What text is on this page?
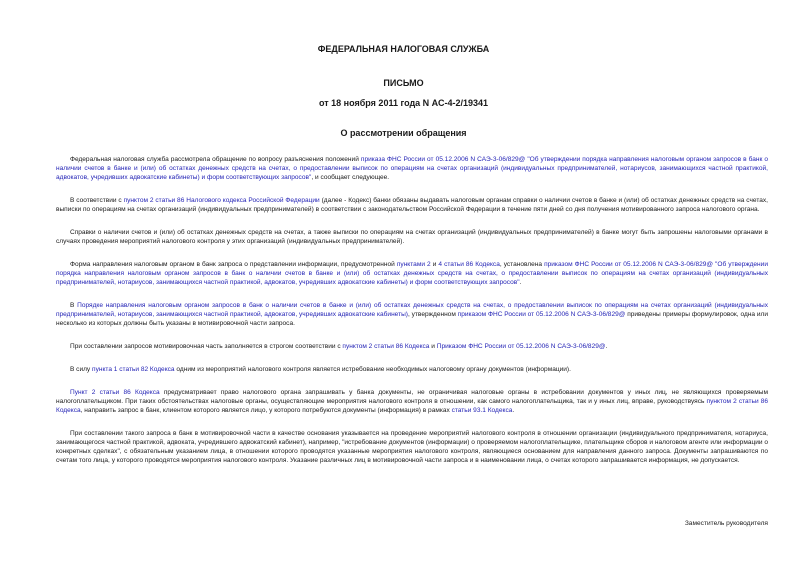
ФЕДЕРАЛЬНАЯ НАЛОГОВАЯ СЛУЖБА
ПИСЬМО
от 18 ноября 2011 года N АС-4-2/19341
О рассмотрении обращения

Федеральная налоговая служба рассмотрела обращение по вопросу разъяснения положений приказа ФНС России от 05.12.2006 N САЭ-3-06/829@ "Об утверждении порядка направления налоговым органом запросов в банк о наличии счетов в банке и (или) об остатках денежных средств на счетах, о предоставлении выписок по операциям на счетах организаций (индивидуальных предпринимателей, нотариусов, занимающихся частной практикой, адвокатов, учредивших адвокатские кабинеты) и форм соответствующих запросов", и сообщает следующее.

В соответствии с пунктом 2 статьи 86 Налогового кодекса Российской Федерации (далее - Кодекс) банки обязаны выдавать налоговым органам справки о наличии счетов в банке и (или) об остатках денежных средств на счетах, выписки по операциям на счетах организаций (индивидуальных предпринимателей) в соответствии с законодательством Российской Федерации в течение пяти дней со дня получения мотивированного запроса налогового органа.

Справки о наличии счетов и (или) об остатках денежных средств на счетах, а также выписки по операциям на счетах организаций (индивидуальных предпринимателей) в банке могут быть запрошены налоговыми органами в случаях проведения мероприятий налогового контроля у этих организаций (индивидуальных предпринимателей).

Форма направления налоговым органом в банк запроса о представлении информации, предусмотренной пунктами 2 и 4 статьи 86 Кодекса, установлена приказом ФНС России от 05.12.2006 N САЭ-3-06/829@ "Об утверждении порядка направления налоговым органом запросов в банк о наличии счетов в банке и (или) об остатках денежных средств на счетах, о предоставлении выписок по операциям на счетах организаций (индивидуальных предпринимателей, нотариусов, занимающихся частной практикой, адвокатов, учредивших адвокатские кабинеты) и форм соответствующих запросов".

В Порядке направления налоговым органом запросов в банк о наличии счетов в банке и (или) об остатках денежных средств на счетах, о предоставлении выписок по операциям на счетах организаций (индивидуальных предпринимателей, нотариусов, занимающихся частной практикой, адвокатов, учредивших адвокатские кабинеты), утвержденном приказом ФНС России от 05.12.2006 N САЭ-3-06/829@ приведены примеры формулировок, одна или несколько из которых должны быть указаны в мотивировочной части запроса.

При составлении запросов мотивировочная часть заполняется в строгом соответствии с пунктом 2 статьи 86 Кодекса и Приказом ФНС России от 05.12.2006 N САЭ-3-06/829@.

В силу пункта 1 статьи 82 Кодекса одним из мероприятий налогового контроля является истребование необходимых налоговому органу документов (информации).

Пункт 2 статьи 86 Кодекса предусматривает право налогового органа запрашивать у банка документы, не ограничивая налоговые органы в истребовании документов у иных лиц, не являющихся проверяемым налогоплательщиком. При таких обстоятельствах налоговые органы, осуществляющие мероприятия налогового контроля в отношении, как самого налогоплательщика, так и у иных лиц, вправе, руководствуясь пунктом 2 статьи 86 Кодекса, направить запрос в банк, клиентом которого является лицо, у которого потребуются документы (информация) в рамках статьи 93.1 Кодекса.

При составлении такого запроса в банк в мотивировочной части в качестве основания указывается на проведение мероприятий налогового контроля в отношении организации (индивидуального предпринимателя, нотариуса, занимающегося частной практикой, адвоката, учредившего адвокатский кабинет), например, "истребование документов (информации) о проверяемом налогоплательщике, плательщике сборов и налоговом агенте или информации о конкретных сделках", с обязательным указанием лица, в отношении которого проводятся указанные мероприятия налогового контроля, являющиеся основанием для направления данного запроса. Документы запрашиваются по счетам того лица, у которого проводятся мероприятия налогового контроля. Указание различных лиц в мотивировочной части запроса и в наименовании лица, о счетах которого запрашивается информация, не допускается.

Заместитель руководителя
